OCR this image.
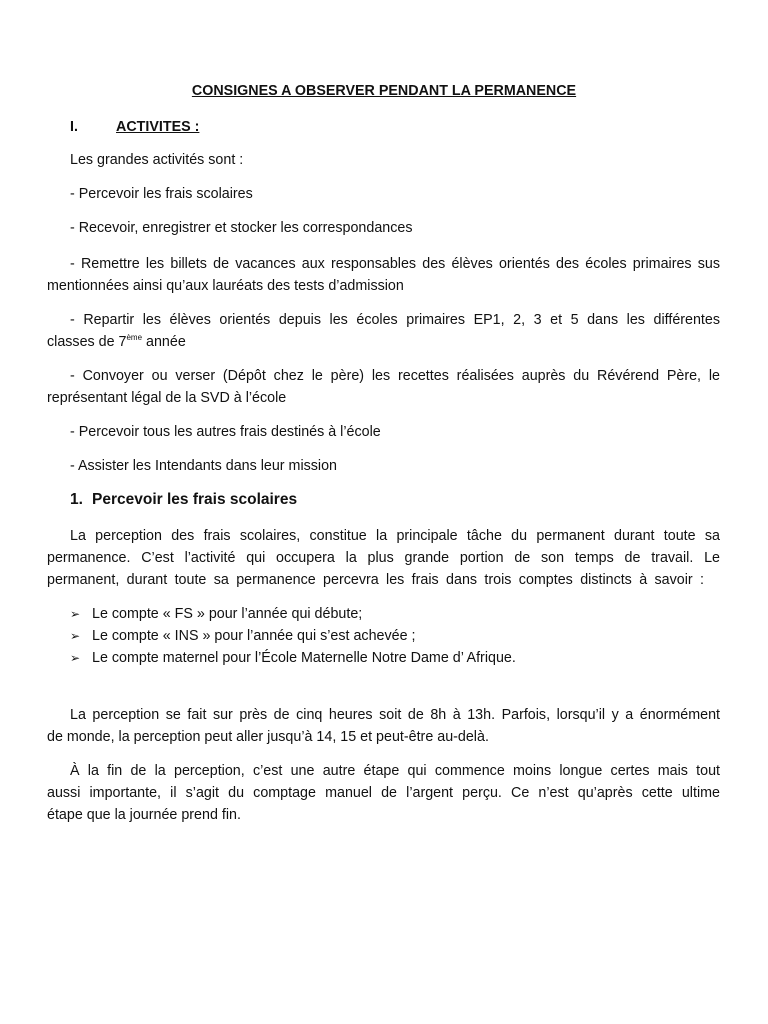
CONSIGNES A OBSERVER PENDANT LA PERMANENCE
I.	ACTIVITES :
Les grandes activités sont :
- Percevoir les frais scolaires
- Recevoir, enregistrer et stocker les correspondances
- Remettre les billets de vacances aux responsables des élèves orientés des écoles primaires sus
mentionnées ainsi qu’aux lauréats des tests d’admission
- Repartir les élèves orientés depuis les écoles primaires EP1, 2, 3 et 5 dans les différentes
classes de 7ème année
- Convoyer ou verser (Dépôt chez le père) les recettes réalisées auprès du Révérend Père, le
représentant légal de la SVD à l’école
- Percevoir tous les autres frais destinés à l’école
- Assister les Intendants dans leur mission
1. Percevoir les frais scolaires
La perception des frais scolaires, constitue la principale tâche du permanent durant toute sa
permanence. C’est l’activité qui occupera la plus grande portion de son temps de travail. Le
permanent, durant toute sa permanence percevra les frais dans trois comptes distincts à savoir :
➢ Le compte « FS » pour l’année qui débute;
➢ Le compte « INS » pour l’année qui s’est achevée ;
➢ Le compte maternel pour l’École Maternelle Notre Dame d’ Afrique.
La perception se fait sur près de cinq heures soit de 8h à 13h. Parfois, lorsqu’il y a énormément
de monde, la perception peut aller jusqu’à 14, 15 et peut-être au-delà.
À la fin de la perception, c’est une autre étape qui commence moins longue certes mais tout
aussi importante, il s’agit du comptage manuel de l’argent perçu. Ce n’est qu’après cette ultime
étape que la journée prend fin.
